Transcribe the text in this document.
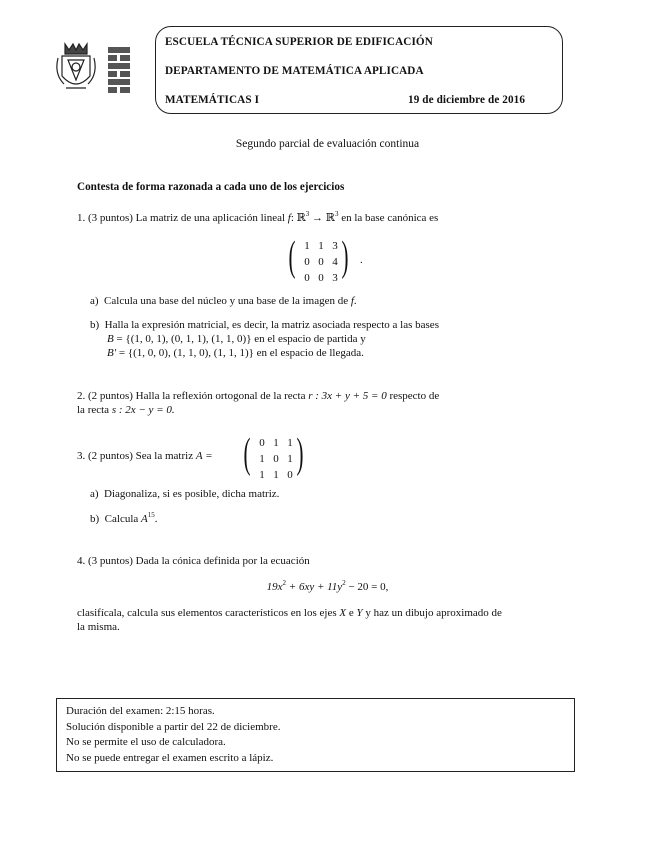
ESCUELA TÉCNICA SUPERIOR DE EDIFICACIÓN
DEPARTAMENTO DE MATEMÁTICA APLICADA
MATEMÁTICAS I	19 de diciembre de 2016
Segundo parcial de evaluación continua
Contesta de forma razonada a cada uno de los ejercicios
1. (3 puntos) La matriz de una aplicación lineal f: ℝ$^3$ → ℝ$^3$ en la base canónica es
( 1 1 3
0 0 4
0 0 3 ) .
a) Calcula una base del núcleo y una base de la imagen de f.
b) Halla la expresión matricial, es decir, la matriz asociada respecto a las bases
B = {(1, 0, 1), (0, 1, 1), (1, 1, 0)} en el espacio de partida y
B′ = {(1, 0, 0), (1, 1, 0), (1, 1, 1)} en el espacio de llegada.
2. (2 puntos) Halla la reflexión ortogonal de la recta r : 3x + y + 5 = 0 respecto de
la recta s : 2x − y = 0.
3. (2 puntos) Sea la matriz A = ( 0 1 1
1 0 1
1 1 0 )
a) Diagonaliza, si es posible, dicha matriz.
b) Calcula $A^{15}$.
4. (3 puntos) Dada la cónica definida por la ecuación
$19x^2 + 6xy + 11y^2 - 20 = 0$,
clasifícala, calcula sus elementos característicos en los ejes X e Y y haz un dibujo aproximado de
la misma.
Duración del examen: 2:15 horas.
Solución disponible a partir del 22 de diciembre.
No se permite el uso de calculadora.
No se puede entregar el examen escrito a lápiz.
